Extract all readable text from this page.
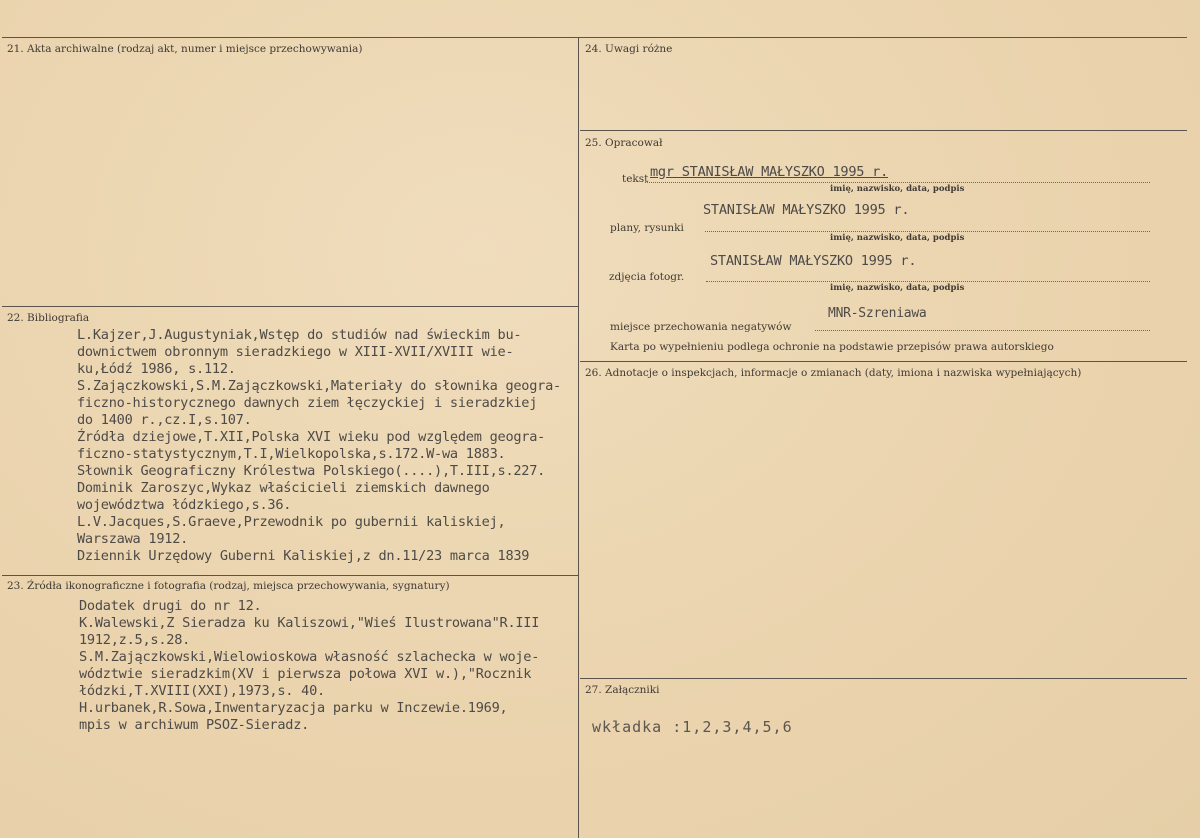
21. Akta archiwalne (rodzaj akt, numer i miejsce przechowywania)
22. Bibliografia
L.Kajzer,J.Augustyniak,Wstęp do studiów nad świeckim bu-
downictwem obronnym sieradzkiego w XIII-XVII/XVIII wie-
ku,Łódź 1986, s.112.
S.Zajączkowski,S.M.Zajączkowski,Materiały do słownika geogra-
ficzno-historycznego dawnych ziem łęczyckiej i sieradzkiej
do 1400 r.,cz.I,s.107.
Źródła dziejowe,T.XII,Polska XVI wieku pod względem geogra-
ficzno-statystycznym,T.I,Wielkopolska,s.172.W-wa 1883.
Słownik Geograficzny Królestwa Polskiego(....),T.III,s.227.
Dominik Zaroszyc,Wykaz właścicieli ziemskich dawnego
województwa łódzkiego,s.36.
L.V.Jacques,S.Graeve,Przewodnik po gubernii kaliskiej,
Warszawa 1912.
Dziennik Urzędowy Guberni Kaliskiej,z dn.11/23 marca 1839
23. Źródła ikonograficzne i fotografia (rodzaj, miejsca przechowywania, sygnatury)
Dodatek drugi do nr 12.
K.Walewski,Z Sieradza ku Kaliszowi,"Wieś Ilustrowana"R.III
1912,z.5,s.28.
S.M.Zajączkowski,Wielowioskowa własność szlachecka w woje-
wództwie sieradzkim(XV i pierwsza połowa XVI w.),"Rocznik
łódzki,T.XVIII(XXI),1973,s. 40.
H.urbanek,R.Sowa,Inwentaryzacja parku w Inczewie.1969,
mpis w archiwum PSOZ-Sieradz.
24. Uwagi różne
25. Opracował
tekst mgr STANISŁAW MAŁYSZKO 1995 r.
imię, nazwisko, data, podpis
STANISŁAW MAŁYSZKO 1995 r.
plany, rysunki
imię, nazwisko, data, podpis
STANISŁAW MAŁYSZKO 1995 r.
zdjęcia fotogr.
imię, nazwisko, data, podpis
MNR-Szreniawa
miejsce przechowania negatywów
Karta po wypełnieniu podlega ochronie na podstawie przepisów prawa autorskiego
26. Adnotacje o inspekcjach, informacje o zmianach (daty, imiona i nazwiska wypełniających)
27. Załączniki
wkładka :1,2,3,4,5,6
